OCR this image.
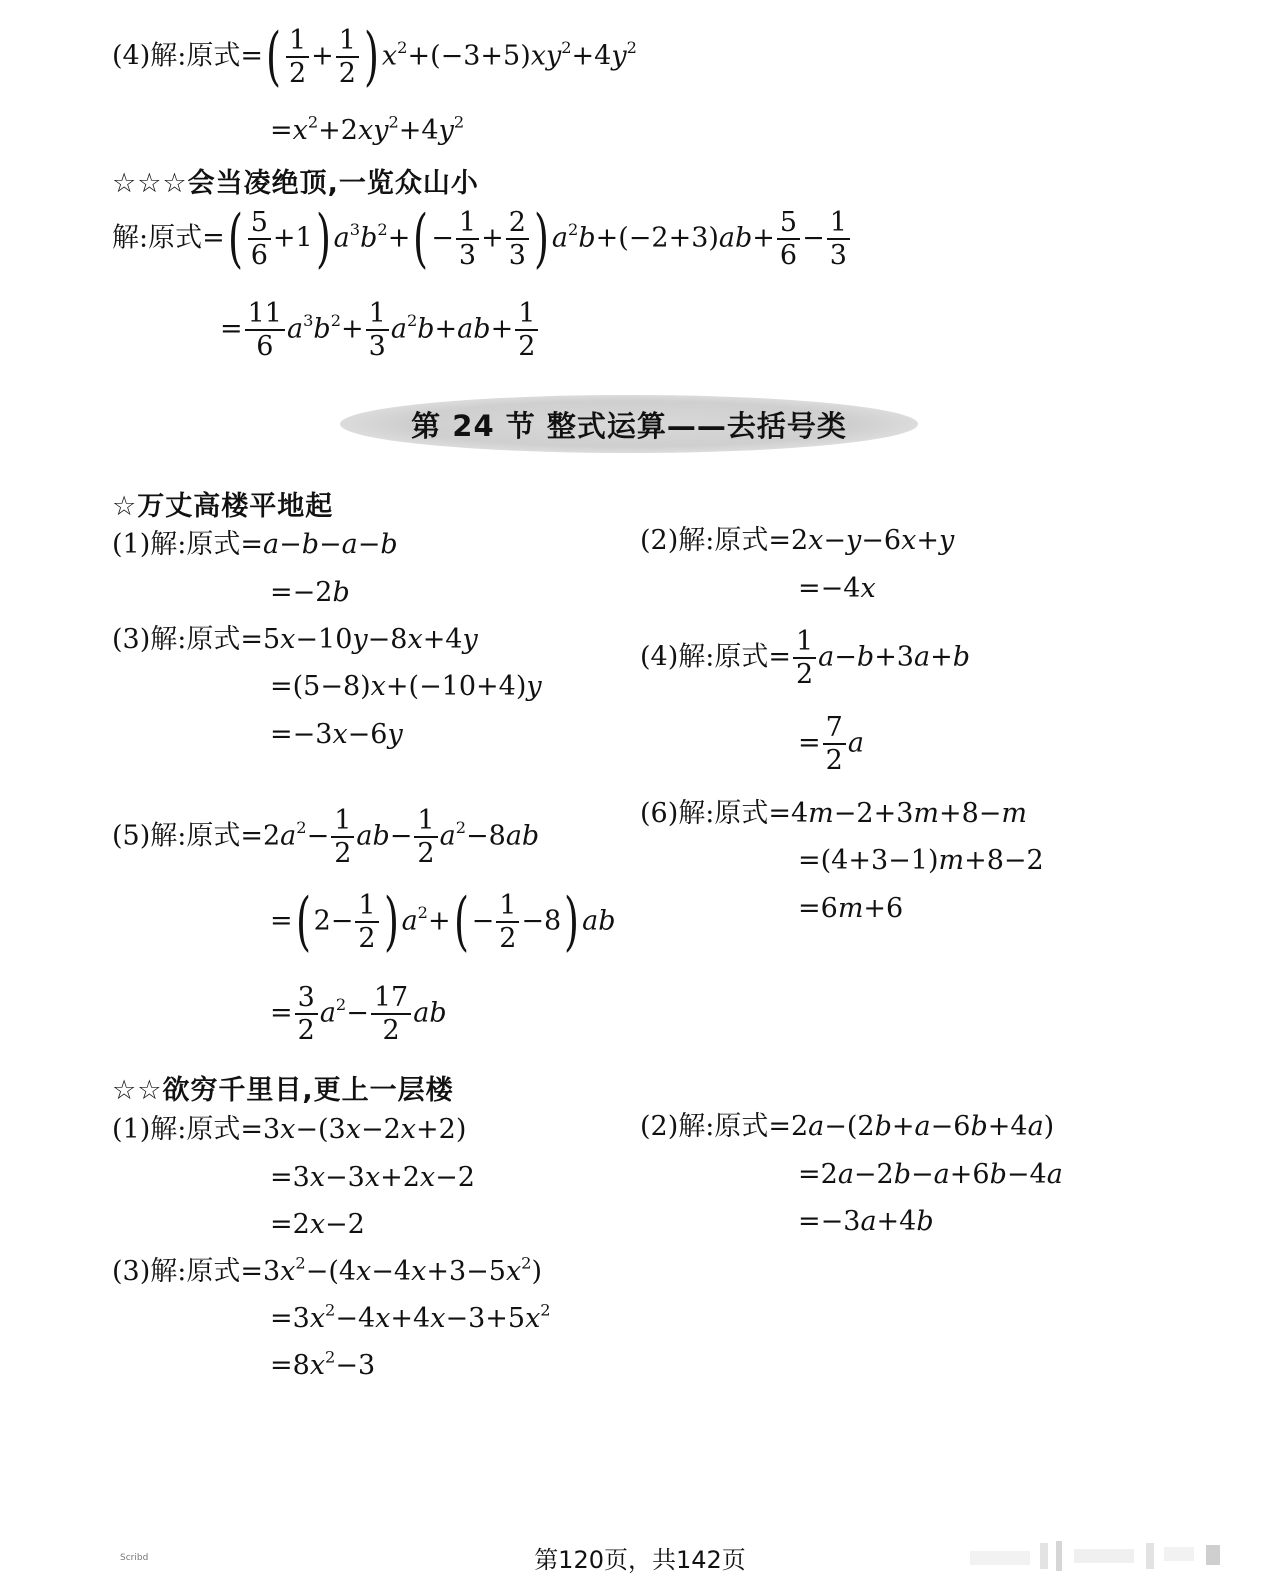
(4)解:原式=( $\frac{1}{2} + \frac{1}{2}$ ) $x^2+(-3+5)xy^2+4y^2$
$=x^2+2xy^2+4y^2$
☆☆☆会当凌绝顶,一览众山小
解:原式=( $\frac{5}{6} +1$) $a^3b^2+( - \frac{1}{3} + \frac{2}{3}$ ) $a^2b+(-2+3)ab+ \frac{5}{6} - \frac{1}{3}$
= $\frac{11}{6} a^3b^2+ \frac{1}{3} a^2b+ab+ \frac{1}{2}$
第 24 节 整式运算——去括号类
☆万丈高楼平地起
(1)解:原式=a−b−a−b
=−2b
(2)解:原式=2x−y−6x+y
=−4x
(3)解:原式=5x−10y−8x+4y
=(5−8)x+(−10+4)y
=−3x−6y
(4)解:原式= $\frac{1}{2} a-b+3a+b$
= $\frac{7}{2}$ a
(5)解:原式$=2a^2- \frac{1}{2} ab- \frac{1}{2} a^2-8ab$
=( $2- \frac{1}{2}$ ) $a^2+( - \frac{1}{2} -8)$ ab
= $\frac{3}{2} a^2- \frac{17}{2}$ ab
(6)解:原式=4m−2+3m+8−m
=(4+3−1)m+8−2
=6m+6
☆☆欲穷千里目,更上一层楼
(1)解:原式=3x−(3x−2x+2)
=3x−3x+2x−2
=2x−2
(2)解:原式=2a−(2b+a−6b+4a)
=2a−2b−a+6b−4a
=−3a+4b
(3)解:原式$=3x^2-(4x-4x+3-5x^2)$
$=3x^2-4x+4x-3+5x^2$
$=8x^2-3$
Scribd	第120页，共142页
